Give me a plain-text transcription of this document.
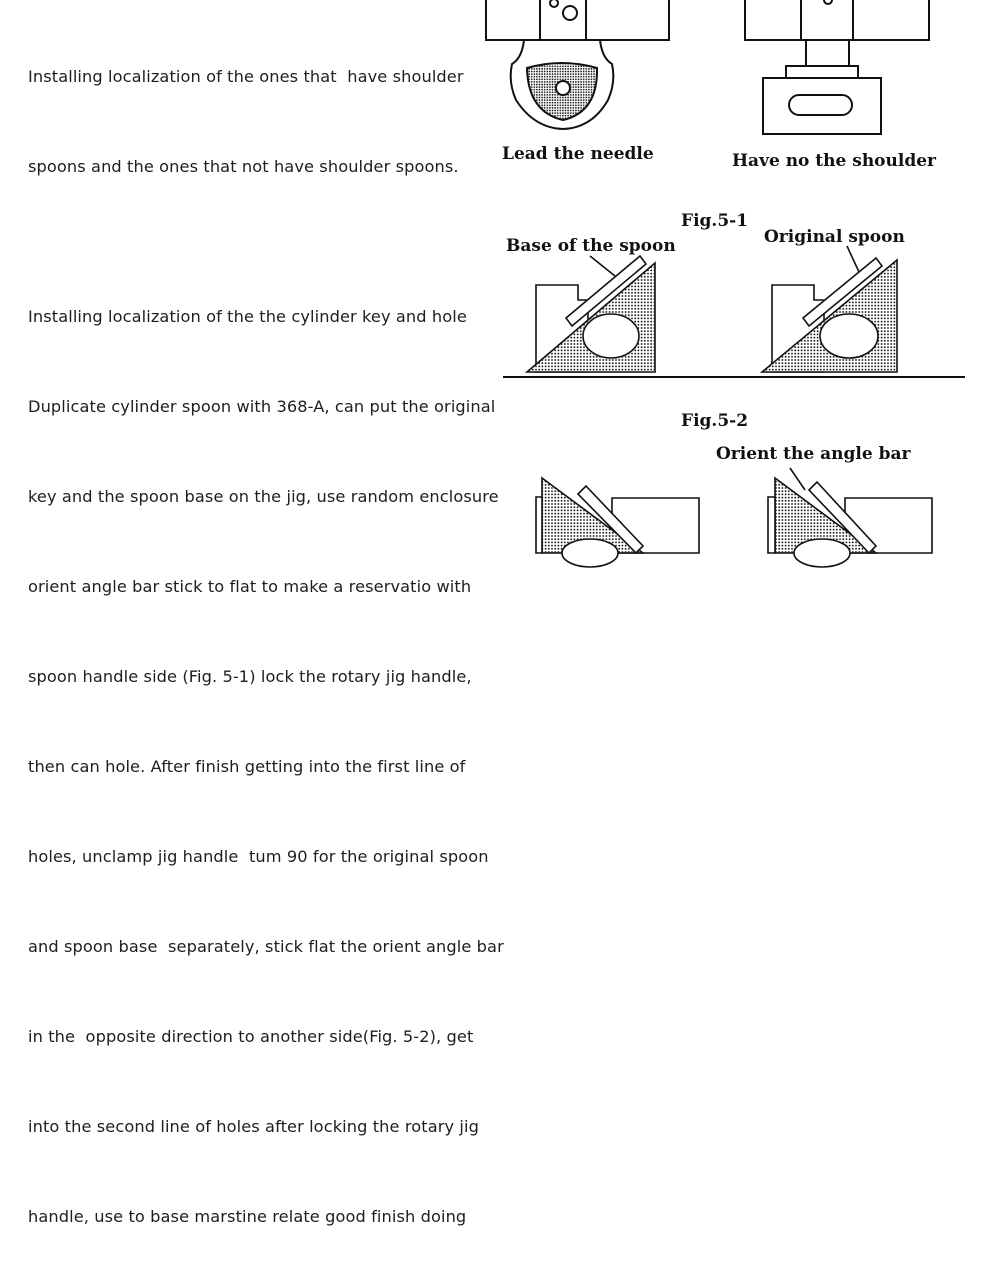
Installing localization of the ones that  have shoulder

spoons and the ones that not have shoulder spoons.

Installing localization of the the cylinder key and hole

Duplicate cylinder spoon with 368-A, can put the original

key and the spoon base on the jig, use random enclosure

orient angle bar stick to flat to make a reservatio with

spoon handle side (Fig. 5-1) lock the rotary jig handle,

then can hole. After finish getting into the first line of

holes, unclamp jig handle  tum 90 for the original spoon

and spoon base  separately, stick flat the orient angle bar

in the  opposite direction to another side(Fig. 5-2), get

into the second line of holes after locking the rotary jig

handle, use to base marstine relate good finish doing

Lead the needle	Have no the shoulder
Fig.5-1
Base of the spoon	Original spoon
Fig.5-2
Orient the angle bar
